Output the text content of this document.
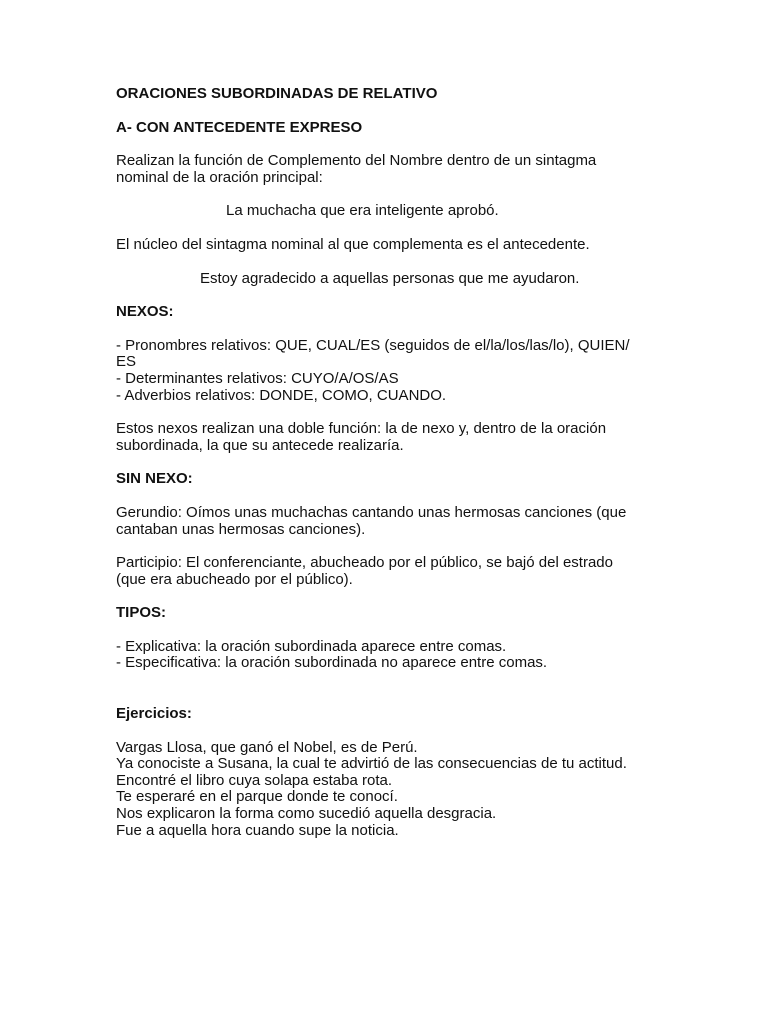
ORACIONES SUBORDINADAS DE RELATIVO
A- CON ANTECEDENTE EXPRESO
Realizan la función de Complemento del Nombre dentro de un sintagma
nominal de la oración principal:
La muchacha que era inteligente aprobó.
El núcleo del sintagma nominal al que complementa es el antecedente.
Estoy agradecido a aquellas personas que me ayudaron.
NEXOS:
- Pronombres relativos: QUE, CUAL/ES (seguidos de el/la/los/las/lo), QUIEN/
ES
- Determinantes relativos: CUYO/A/OS/AS
- Adverbios relativos: DONDE, COMO, CUANDO.
Estos nexos realizan una doble función: la de nexo y, dentro de la oración
subordinada, la que su antecede realizaría.
SIN NEXO:
Gerundio: Oímos unas muchachas cantando unas hermosas canciones (que
cantaban unas hermosas canciones).
Participio: El conferenciante, abucheado por el público, se bajó del estrado
(que era abucheado por el público).
TIPOS:
- Explicativa: la oración subordinada aparece entre comas.
- Especificativa: la oración subordinada no aparece entre comas.
Ejercicios:
Vargas Llosa, que ganó el Nobel, es de Perú.
Ya conociste a Susana, la cual te advirtió de las consecuencias de tu actitud.
Encontré el libro cuya solapa estaba rota.
Te esperaré en el parque donde te conocí.
Nos explicaron la forma como sucedió aquella desgracia.
Fue a aquella hora cuando supe la noticia.
